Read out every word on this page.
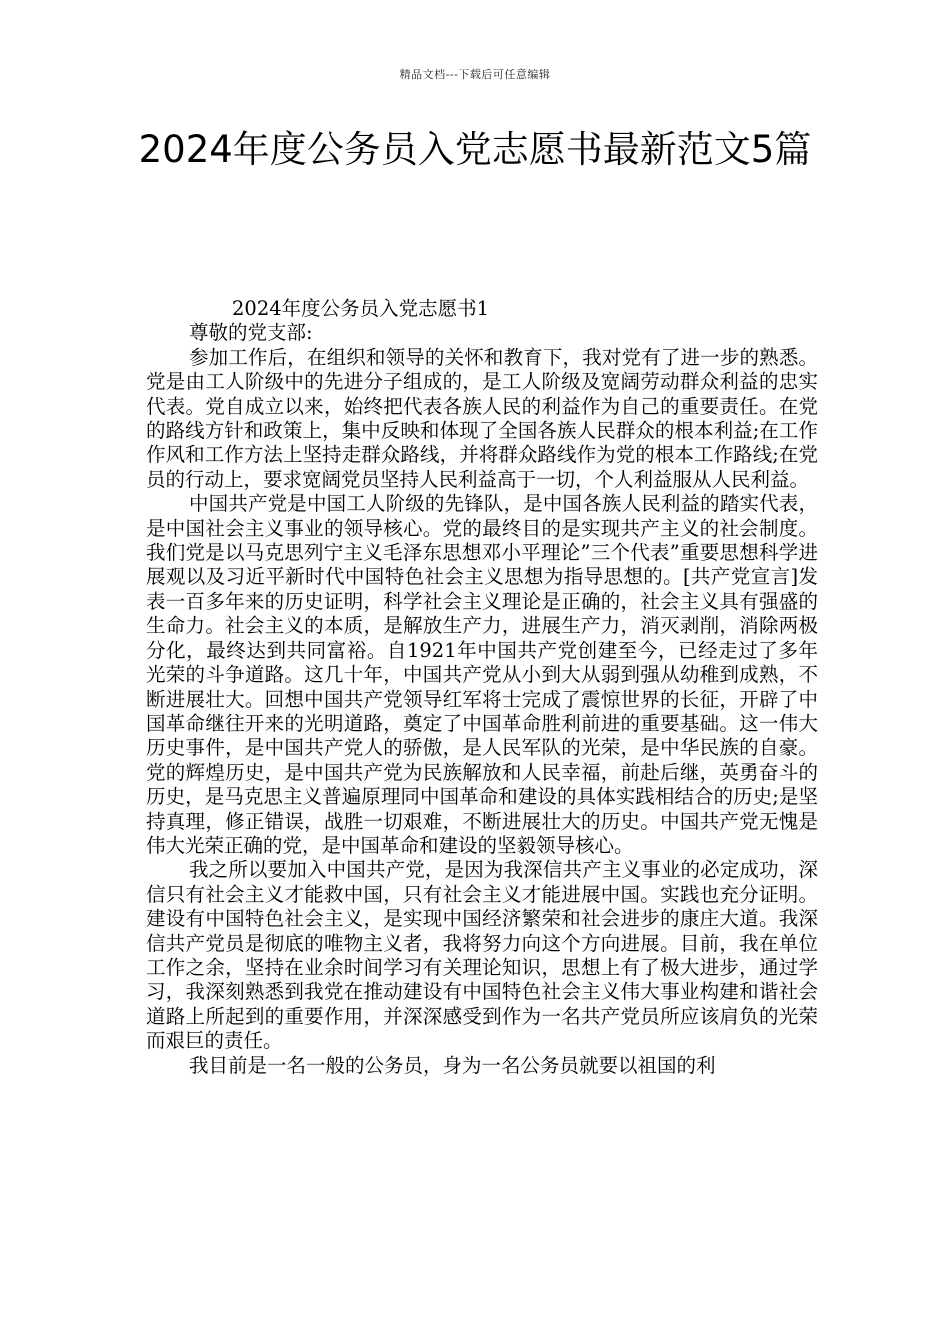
精品文档---下载后可任意编辑
2024年度公务员入党志愿书最新范文5篇

2024年度公务员入党志愿书1

尊敬的党支部:

参加工作后，在组织和领导的关怀和教育下，我对党有了进一步的熟悉。党是由工人阶级中的先进分子组成的，是工人阶级及宽阔劳动群众利益的忠实代表。党自成立以来，始终把代表各族人民的利益作为自己的重要责任。在党的路线方针和政策上，集中反映和体现了全国各族人民群众的根本利益;在工作作风和工作方法上坚持走群众路线，并将群众路线作为党的根本工作路线;在党员的行动上，要求宽阔党员坚持人民利益高于一切，个人利益服从人民利益。

中国共产党是中国工人阶级的先锋队，是中国各族人民利益的踏实代表，是中国社会主义事业的领导核心。党的最终目的是实现共产主义的社会制度。我们党是以马克思列宁主义毛泽东思想邓小平理论”三个代表”重要思想科学进展观以及习近平新时代中国特色社会主义思想为指导思想的。[共产党宣言]发表一百多年来的历史证明，科学社会主义理论是正确的，社会主义具有强盛的生命力。社会主义的本质，是解放生产力，进展生产力，消灭剥削，消除两极分化，最终达到共同富裕。自1921年中国共产党创建至今，已经走过了多年光荣的斗争道路。这几十年，中国共产党从小到大从弱到强从幼稚到成熟，不断进展壮大。回想中国共产党领导红军将士完成了震惊世界的长征，开辟了中国革命继往开来的光明道路，奠定了中国革命胜利前进的重要基础。这一伟大历史事件，是中国共产党人的骄傲，是人民军队的光荣，是中华民族的自豪。党的辉煌历史，是中国共产党为民族解放和人民幸福，前赴后继，英勇奋斗的历史，是马克思主义普遍原理同中国革命和建设的具体实践相结合的历史;是坚持真理，修正错误，战胜一切艰难，不断进展壮大的历史。中国共产党无愧是伟大光荣正确的党，是中国革命和建设的坚毅领导核心。

我之所以要加入中国共产党，是因为我深信共产主义事业的必定成功，深信只有社会主义才能救中国，只有社会主义才能进展中国。实践也充分证明。建设有中国特色社会主义，是实现中国经济繁荣和社会进步的康庄大道。我深信共产党员是彻底的唯物主义者，我将努力向这个方向进展。目前，我在单位工作之余，坚持在业余时间学习有关理论知识，思想上有了极大进步，通过学习，我深刻熟悉到我党在推动建设有中国特色社会主义伟大事业构建和谐社会道路上所起到的重要作用，并深深感受到作为一名共产党员所应该肩负的光荣而艰巨的责任。

我目前是一名一般的公务员，身为一名公务员就要以祖国的利
